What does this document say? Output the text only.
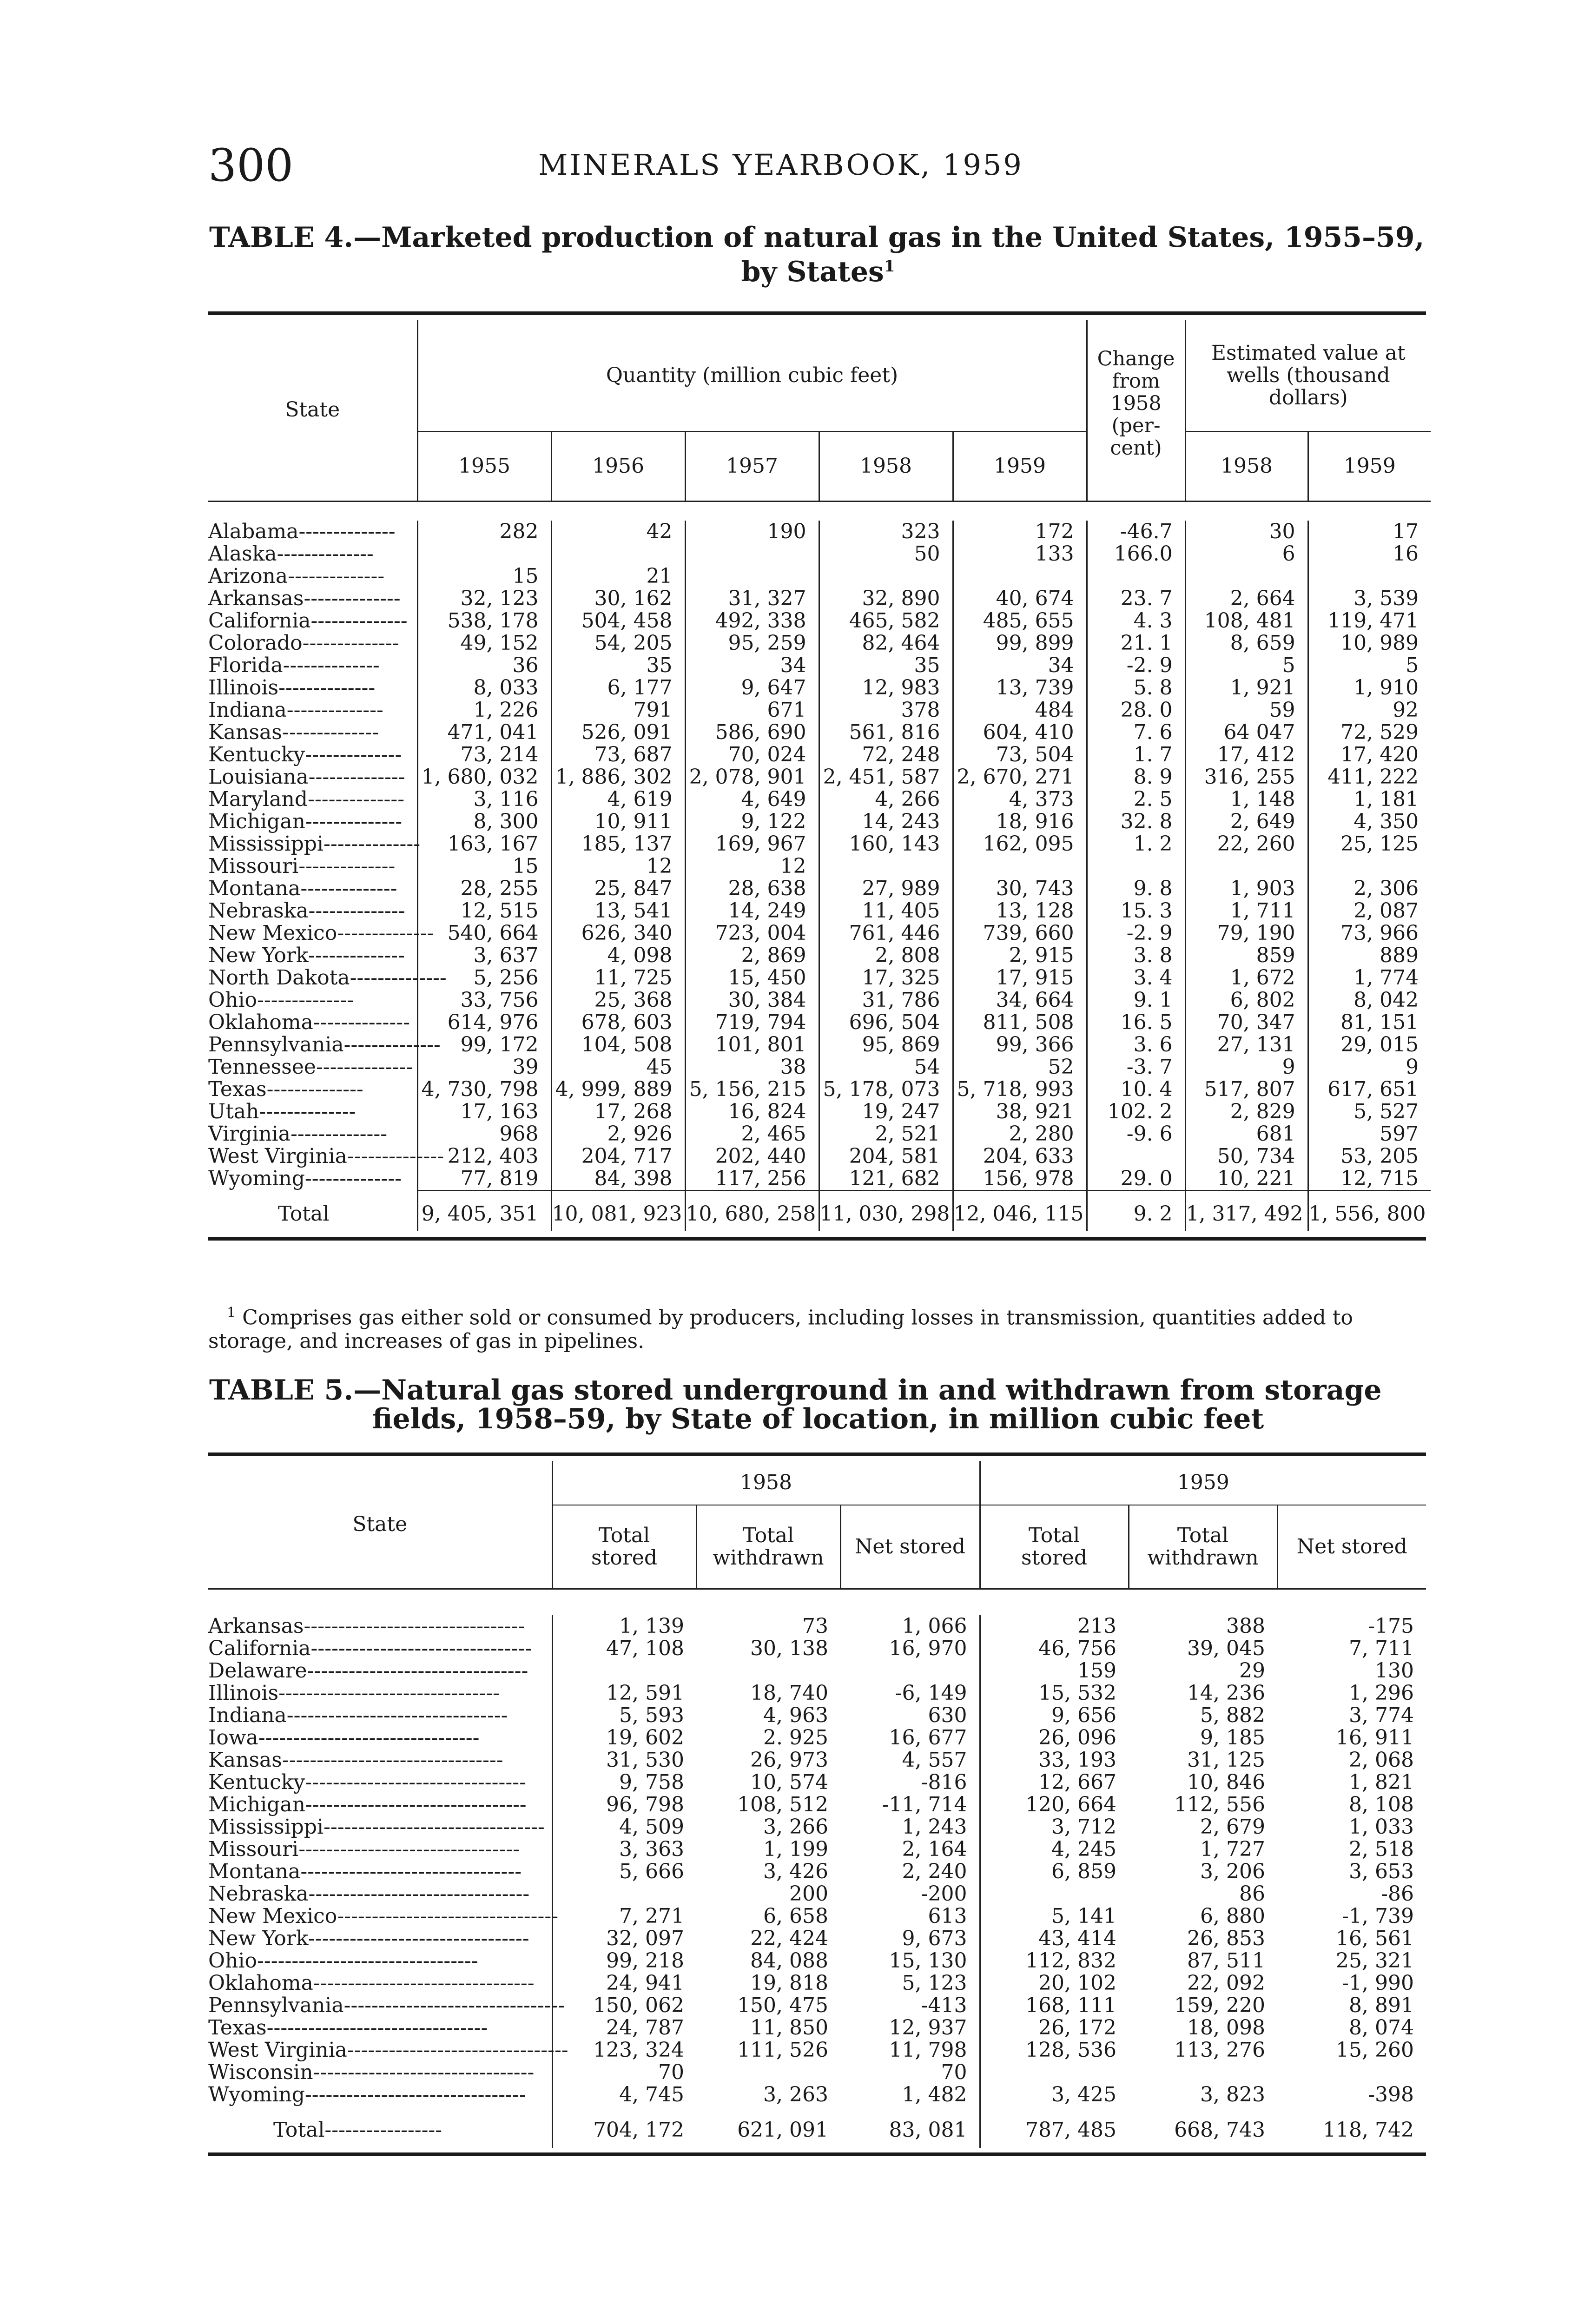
300	MINERALS YEARBOOK, 1959
TABLE 4.—Marketed production of natural gas in the United States, 1955–59,
by States$^1$
State	Quantity (million cubic feet)					Change from 1958 (per- cent)	Estimated value at wells (thousand dollars)	
	1955	1956	1957	1958	1959		1958	1959

Alabama--------------	282	42	190	323	172	-46.7	30	17
Alaska--------------				50	133	166.0	6	16
Arizona--------------	15	21						
Arkansas--------------	32, 123	30, 162	31, 327	32, 890	40, 674	23. 7	2, 664	3, 539
California--------------	538, 178	504, 458	492, 338	465, 582	485, 655	4. 3	108, 481	119, 471
Colorado--------------	49, 152	54, 205	95, 259	82, 464	99, 899	21. 1	8, 659	10, 989
Florida--------------	36	35	34	35	34	-2. 9	5	5
Illinois--------------	8, 033	6, 177	9, 647	12, 983	13, 739	5. 8	1, 921	1, 910
Indiana--------------	1, 226	791	671	378	484	28. 0	59	92
Kansas--------------	471, 041	526, 091	586, 690	561, 816	604, 410	7. 6	64 047	72, 529
Kentucky--------------	73, 214	73, 687	70, 024	72, 248	73, 504	1. 7	17, 412	17, 420
Louisiana--------------	1, 680, 032	1, 886, 302	2, 078, 901	2, 451, 587	2, 670, 271	8. 9	316, 255	411, 222
Maryland--------------	3, 116	4, 619	4, 649	4, 266	4, 373	2. 5	1, 148	1, 181
Michigan--------------	8, 300	10, 911	9, 122	14, 243	18, 916	32. 8	2, 649	4, 350
Mississippi--------------	163, 167	185, 137	169, 967	160, 143	162, 095	1. 2	22, 260	25, 125
Missouri--------------	15	12	12					
Montana--------------	28, 255	25, 847	28, 638	27, 989	30, 743	9. 8	1, 903	2, 306
Nebraska--------------	12, 515	13, 541	14, 249	11, 405	13, 128	15. 3	1, 711	2, 087
New Mexico--------------	540, 664	626, 340	723, 004	761, 446	739, 660	-2. 9	79, 190	73, 966
New York--------------	3, 637	4, 098	2, 869	2, 808	2, 915	3. 8	859	889
North Dakota--------------	5, 256	11, 725	15, 450	17, 325	17, 915	3. 4	1, 672	1, 774
Ohio--------------	33, 756	25, 368	30, 384	31, 786	34, 664	9. 1	6, 802	8, 042
Oklahoma--------------	614, 976	678, 603	719, 794	696, 504	811, 508	16. 5	70, 347	81, 151
Pennsylvania--------------	99, 172	104, 508	101, 801	95, 869	99, 366	3. 6	27, 131	29, 015
Tennessee--------------	39	45	38	54	52	-3. 7	9	9
Texas--------------	4, 730, 798	4, 999, 889	5, 156, 215	5, 178, 073	5, 718, 993	10. 4	517, 807	617, 651
Utah--------------	17, 163	17, 268	16, 824	19, 247	38, 921	102. 2	2, 829	5, 527
Virginia--------------	968	2, 926	2, 465	2, 521	2, 280	-9. 6	681	597
West Virginia--------------	212, 403	204, 717	202, 440	204, 581	204, 633		50, 734	53, 205
Wyoming--------------	77, 819	84, 398	117, 256	121, 682	156, 978	29. 0	10, 221	12, 715
Total	9, 405, 351	10, 081, 923	10, 680, 258	11, 030, 298	12, 046, 115	9. 2	1, 317, 492	1, 556, 800
$^1$ Comprises gas either sold or consumed by producers, including losses in transmission, quantities added to storage, and increases of gas in pipelines.
TABLE 5.—Natural gas stored underground in and withdrawn from storage
fields, 1958–59, by State of location, in million cubic feet
State	1958			1959		
	Total stored	Total withdrawn	Net stored	Total stored	Total withdrawn	Net stored

Arkansas--------------------------------	1, 139	73	1, 066	213	388	-175
California--------------------------------	47, 108	30, 138	16, 970	46, 756	39, 045	7, 711
Delaware--------------------------------				159	29	130
Illinois--------------------------------	12, 591	18, 740	-6, 149	15, 532	14, 236	1, 296
Indiana--------------------------------	5, 593	4, 963	630	9, 656	5, 882	3, 774
Iowa--------------------------------	19, 602	2. 925	16, 677	26, 096	9, 185	16, 911
Kansas--------------------------------	31, 530	26, 973	4, 557	33, 193	31, 125	2, 068
Kentucky--------------------------------	9, 758	10, 574	-816	12, 667	10, 846	1, 821
Michigan--------------------------------	96, 798	108, 512	-11, 714	120, 664	112, 556	8, 108
Mississippi--------------------------------	4, 509	3, 266	1, 243	3, 712	2, 679	1, 033
Missouri--------------------------------	3, 363	1, 199	2, 164	4, 245	1, 727	2, 518
Montana--------------------------------	5, 666	3, 426	2, 240	6, 859	3, 206	3, 653
Nebraska--------------------------------		200	-200		86	-86
New Mexico--------------------------------	7, 271	6, 658	613	5, 141	6, 880	-1, 739
New York--------------------------------	32, 097	22, 424	9, 673	43, 414	26, 853	16, 561
Ohio--------------------------------	99, 218	84, 088	15, 130	112, 832	87, 511	25, 321
Oklahoma--------------------------------	24, 941	19, 818	5, 123	20, 102	22, 092	-1, 990
Pennsylvania--------------------------------	150, 062	150, 475	-413	168, 111	159, 220	8, 891
Texas--------------------------------	24, 787	11, 850	12, 937	26, 172	18, 098	8, 074
West Virginia--------------------------------	123, 324	111, 526	11, 798	128, 536	113, 276	15, 260
Wisconsin--------------------------------	70		70			
Wyoming--------------------------------	4, 745	3, 263	1, 482	3, 425	3, 823	-398
Total-----------------	704, 172	621, 091	83, 081	787, 485	668, 743	118, 742
